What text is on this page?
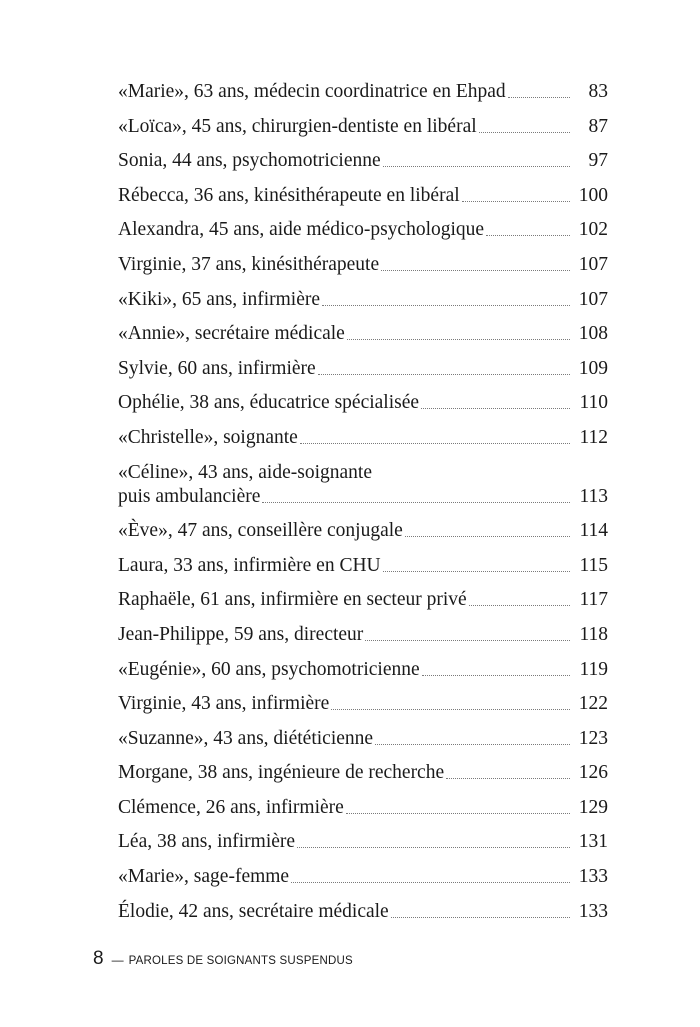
«Marie», 63 ans, médecin coordinatrice en Ehpad	83
«Loïca», 45 ans, chirurgien-dentiste en libéral	87
Sonia, 44 ans, psychomotricienne	97
Rébecca, 36 ans, kinésithérapeute en libéral	100
Alexandra, 45 ans, aide médico-psychologique	102
Virginie, 37 ans, kinésithérapeute	107
«Kiki», 65 ans, infirmière	107
«Annie», secrétaire médicale	108
Sylvie, 60 ans, infirmière	109
Ophélie, 38 ans, éducatrice spécialisée	110
«Christelle», soignante	112
«Céline», 43 ans, aide-soignante
puis ambulancière	113
«Ève», 47 ans, conseillère conjugale	114
Laura, 33 ans, infirmière en CHU	115
Raphaële, 61 ans, infirmière en secteur privé	117
Jean-Philippe, 59 ans, directeur	118
«Eugénie», 60 ans, psychomotricienne	119
Virginie, 43 ans, infirmière	122
«Suzanne», 43 ans, diététicienne	123
Morgane, 38 ans, ingénieure de recherche	126
Clémence, 26 ans, infirmière	129
Léa, 38 ans, infirmière	131
«Marie», sage-femme	133
Élodie, 42 ans, secrétaire médicale	133
8 — PAROLES DE SOIGNANTS SUSPENDUS
